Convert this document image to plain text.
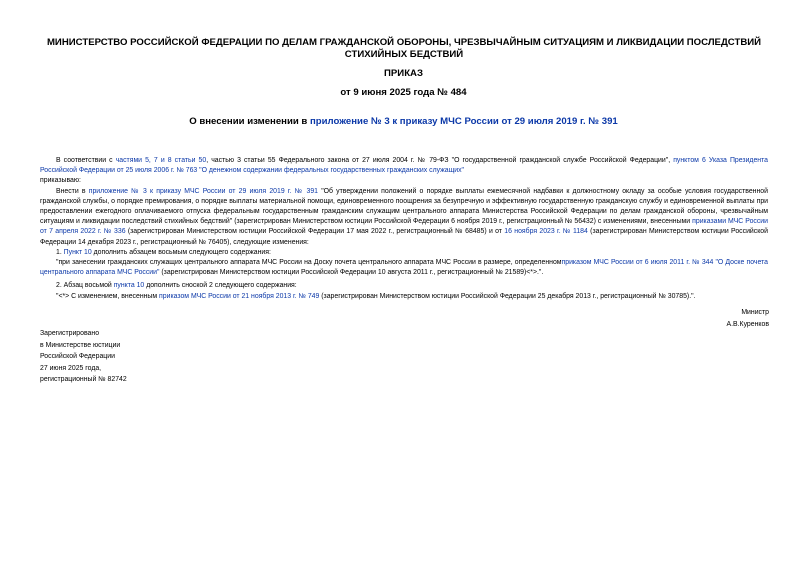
МИНИСТЕРСТВО РОССИЙСКОЙ ФЕДЕРАЦИИ ПО ДЕЛАМ ГРАЖДАНСКОЙ ОБОРОНЫ, ЧРЕЗВЫЧАЙНЫМ СИТУАЦИЯМ И ЛИКВИДАЦИИ ПОСЛЕДСТВИЙ СТИХИЙНЫХ БЕДСТВИЙ
ПРИКАЗ
от 9 июня 2025 года № 484
О внесении изменении в приложение № 3 к приказу МЧС России от 29 июля 2019 г. № 391

В соответствии с частями 5, 7 и 8 статьи 50, частью 3 статьи 55 Федерального закона от 27 июля 2004 г. № 79-ФЗ "О государственной гражданской службе Российской Федерации", пунктом 6 Указа Президента Российской Федерации от 25 июля 2006 г. № 763 "О денежном содержании федеральных государственных гражданских служащих"

приказываю:

Внести в приложение № 3 к приказу МЧС России от 29 июля 2019 г. № 391 "Об утверждении положений о порядке выплаты ежемесячной надбавки к должностному окладу за особые условия государственной гражданской службы, о порядке премирования, о порядке выплаты материальной помощи, единовременного поощрения за безупречную и эффективную государственную гражданскую службу и единовременной выплаты при предоставлении ежегодного оплачиваемого отпуска федеральным государственным гражданским служащим центрального аппарата Министерства Российской Федерации по делам гражданской обороны, чрезвычайным ситуациям и ликвидации последствий стихийных бедствий" (зарегистрирован Министерством юстиции Российской Федерации 6 ноября 2019 г., регистрационный № 56432) с изменениями, внесенными приказами МЧС России от 7 апреля 2022 г. № 336 (зарегистрирован Министерством юстиции Российской Федерации 17 мая 2022 г., регистрационный № 68485) и от 16 ноября 2023 г. № 1184 (зарегистрирован Министерством юстиции Российской Федерации 14 декабря 2023 г., регистрационный № 76405), следующие изменения:

1. Пункт 10 дополнить абзацем восьмым следующего содержания:

"при занесении гражданских служащих центрального аппарата МЧС России на Доску почета центрального аппарата МЧС России в размере, определенномприказом МЧС России от 6 июля 2011 г. № 344 "О Доске почета центрального аппарата МЧС России" (зарегистрирован Министерством юстиции Российской Федерации 10 августа 2011 г., регистрационный № 21589)<*>.".

2. Абзац восьмой пункта 10 дополнить сноской 2 следующего содержания:

"<*> С изменением, внесенным приказом МЧС России от 21 ноября 2013 г. № 749 (зарегистрирован Министерством юстиции Российской Федерации 25 декабря 2013 г., регистрационный № 30785).".

Министр
А.В.Куренков
Зарегистрировано
в Министерстве юстиции
Российской Федерации
27 июня 2025 года,
регистрационный № 82742
